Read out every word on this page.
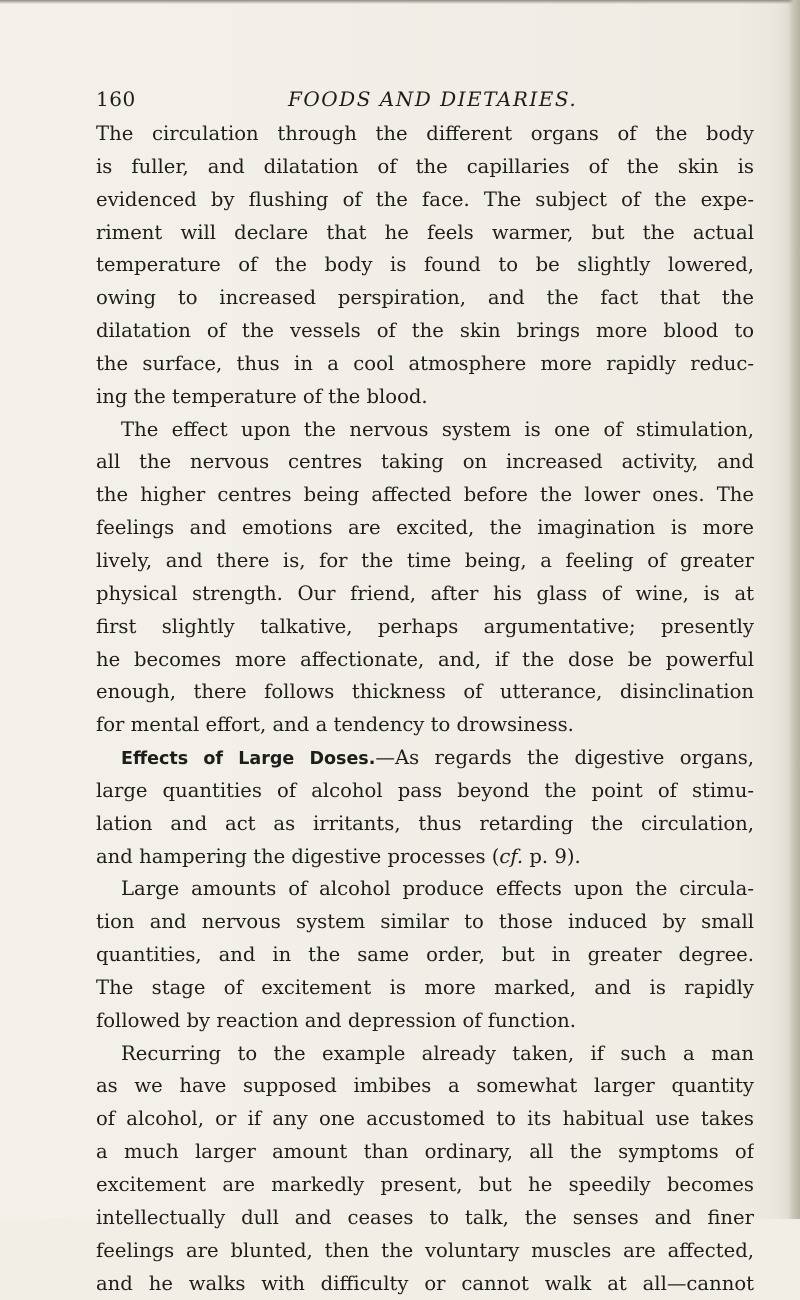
160	FOODS AND DIETARIES.
The circulation through the different organs of the body
is fuller, and dilatation of the capillaries of the skin is
evidenced by flushing of the face. The subject of the expe-
riment will declare that he feels warmer, but the actual
temperature of the body is found to be slightly lowered,
owing to increased perspiration, and the fact that the
dilatation of the vessels of the skin brings more blood to
the surface, thus in a cool atmosphere more rapidly reduc-
ing the temperature of the blood.
The effect upon the nervous system is one of stimulation,
all the nervous centres taking on increased activity, and
the higher centres being affected before the lower ones. The
feelings and emotions are excited, the imagination is more
lively, and there is, for the time being, a feeling of greater
physical strength. Our friend, after his glass of wine, is at
first slightly talkative, perhaps argumentative; presently
he becomes more affectionate, and, if the dose be powerful
enough, there follows thickness of utterance, disinclination
for mental effort, and a tendency to drowsiness.
Effects of Large Doses.—As regards the digestive organs,
large quantities of alcohol pass beyond the point of stimu-
lation and act as irritants, thus retarding the circulation,
and hampering the digestive processes (cf. p. 9).
Large amounts of alcohol produce effects upon the circula-
tion and nervous system similar to those induced by small
quantities, and in the same order, but in greater degree.
The stage of excitement is more marked, and is rapidly
followed by reaction and depression of function.
Recurring to the example already taken, if such a man
as we have supposed imbibes a somewhat larger quantity
of alcohol, or if any one accustomed to its habitual use takes
a much larger amount than ordinary, all the symptoms of
excitement are markedly present, but he speedily becomes
intellectually dull and ceases to talk, the senses and finer
feelings are blunted, then the voluntary muscles are affected,
and he walks with difficulty or cannot walk at all—cannot
